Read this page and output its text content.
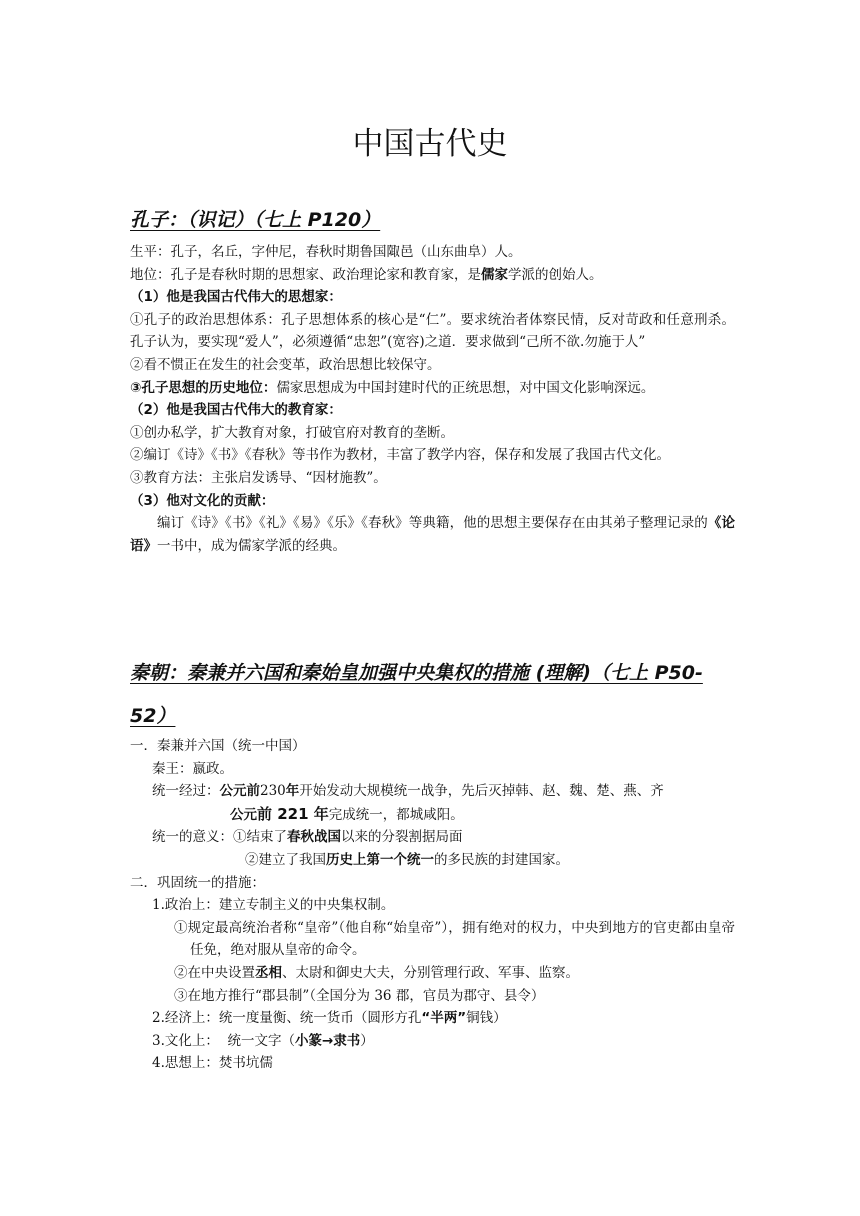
中国古代史
孔子：（识记）（七上 P120）

生平：孔子，名丘，字仲尼，春秋时期鲁国陬邑（山东曲阜）人。

地位：孔子是春秋时期的思想家、政治理论家和教育家，是儒家学派的创始人。

（1）他是我国古代伟大的思想家：

①孔子的政治思想体系：孔子思想体系的核心是“仁”。要求统治者体察民情，反对苛政和任意刑杀。孔子认为，要实现“爱人”，必须遵循“忠恕”(宽容)之道．要求做到“己所不欲.勿施于人”

②看不惯正在发生的社会变革，政治思想比较保守。

③孔子思想的历史地位：儒家思想成为中国封建时代的正统思想，对中国文化影响深远。

（2）他是我国古代伟大的教育家：

①创办私学，扩大教育对象，打破官府对教育的垄断。

②编订《诗》《书》《春秋》等书作为教材，丰富了教学内容，保存和发展了我国古代文化。

③教育方法：主张启发诱导、“因材施教”。

（3）他对文化的贡献：

编订《诗》《书》《礼》《易》《乐》《春秋》等典籍，他的思想主要保存在由其弟子整理记录的《论语》一书中，成为儒家学派的经典。

秦朝：秦兼并六国和秦始皇加强中央集权的措施 (理解)（七上 P50-52）

一．秦兼并六国（统一中国）

秦王：嬴政。

统一经过：公元前230年开始发动大规模统一战争，先后灭掉韩、赵、魏、楚、燕、齐

公元前 221 年完成统一，都城咸阳。

统一的意义：①结束了春秋战国以来的分裂割据局面

②建立了我国历史上第一个统一的多民族的封建国家。

二．巩固统一的措施：

1.政治上：建立专制主义的中央集权制。

①规定最高统治者称“皇帝”（他自称“始皇帝”），拥有绝对的权力，中央到地方的官吏都由皇帝任免，绝对服从皇帝的命令。

②在中央设置丞相、太尉和御史大夫，分别管理行政、军事、监察。

③在地方推行“郡县制”（全国分为 36 郡，官员为郡守、县令）

2.经济上：统一度量衡、统一货币（圆形方孔“半两”铜钱）

3.文化上：  统一文字（小篆→隶书）

4.思想上：焚书坑儒
